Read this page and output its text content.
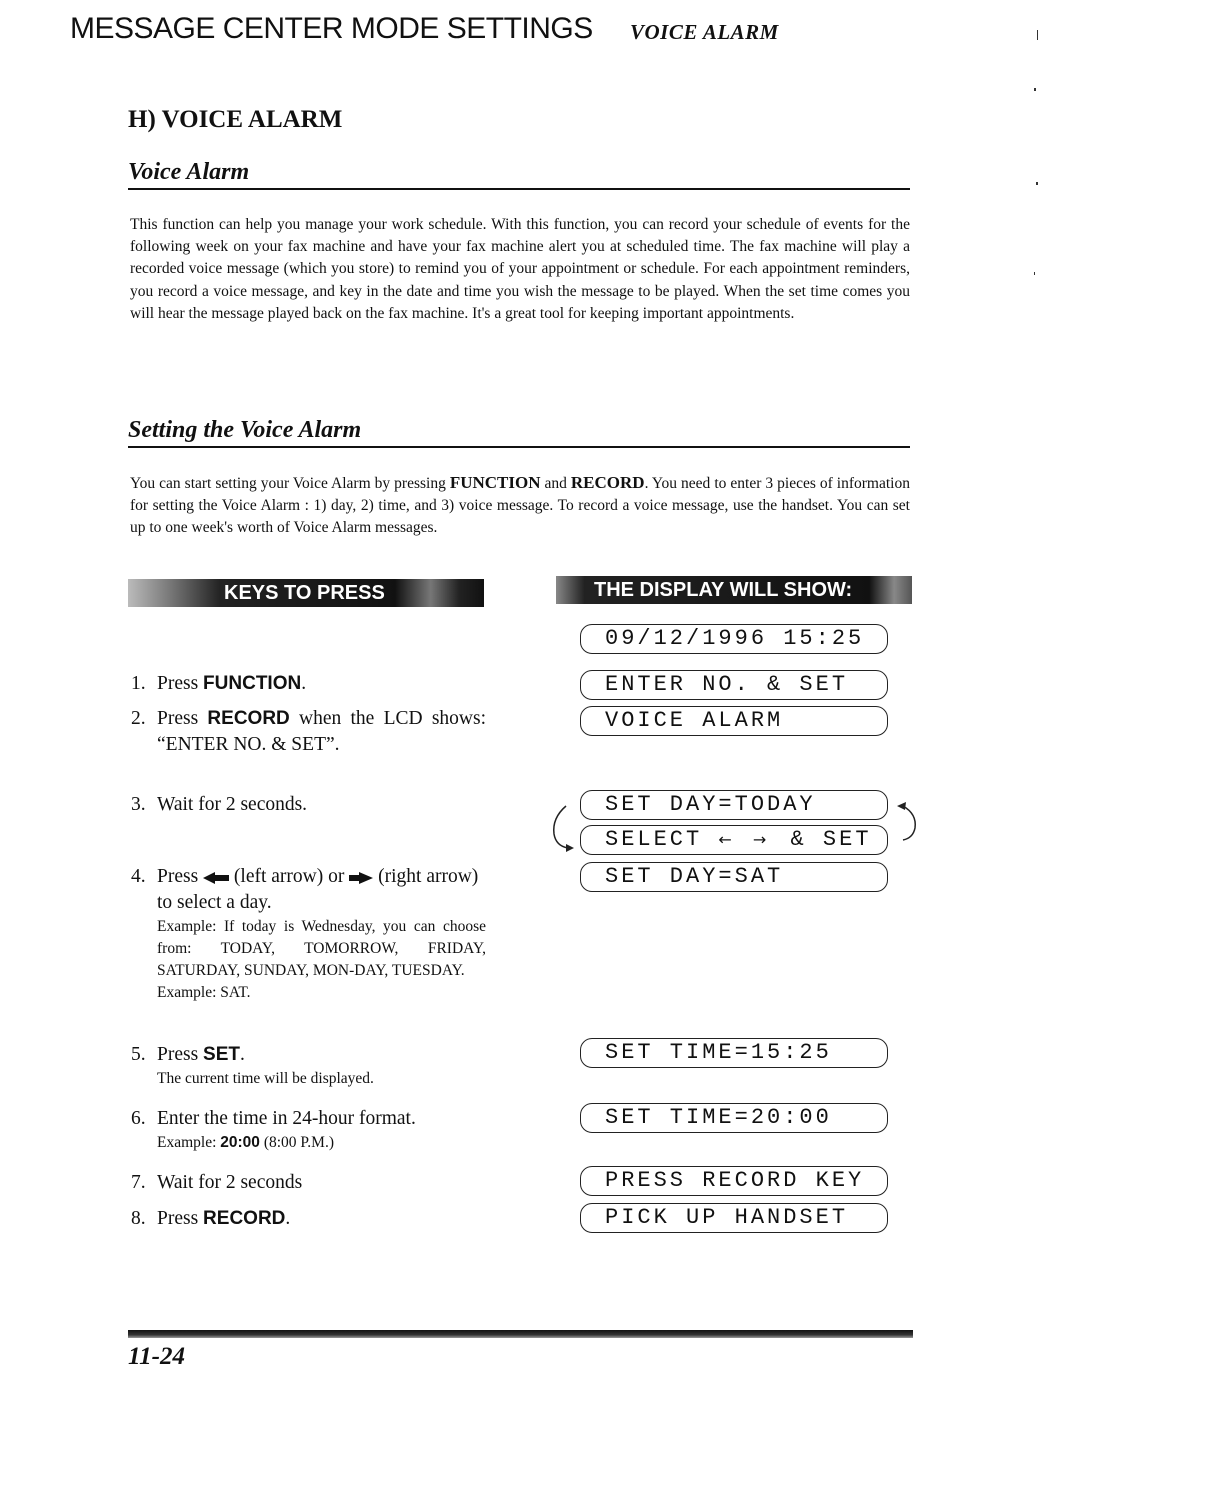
MESSAGE CENTER MODE SETTINGS VOICE ALARM
H) VOICE ALARM
Voice Alarm
This function can help you manage your work schedule. With this function, you can record your schedule of events for the following week on your fax machine and have your fax machine alert you at scheduled time. The fax machine will play a recorded voice message (which you store) to remind you of your appointment or schedule. For each appointment reminders, you record a voice message, and key in the date and time you wish the message to be played. When the set time comes you will hear the message played back on the fax machine. It's a great tool for keeping important appointments.
Setting the Voice Alarm
You can start setting your Voice Alarm by pressing FUNCTION and RECORD. You need to enter 3 pieces of information for setting the Voice Alarm : 1) day, 2) time, and 3) voice message. To record a voice message, use the handset. You can set up to one week's worth of Voice Alarm messages.
KEYS TO PRESS	THE DISPLAY WILL SHOW:
1. Press FUNCTION.
2. Press RECORD when the LCD shows:
“ENTER NO. & SET”.
3. Wait for 2 seconds.
4. Press  (left arrow) or  (right arrow) to select a day.
Example: If today is Wednesday, you can choose from: TODAY, TOMORROW, FRIDAY, SATURDAY, SUNDAY, MON-DAY, TUESDAY.
Example: SAT.
5. Press SET.
The current time will be displayed.
6. Enter the time in 24-hour format.
Example: 20:00 (8:00 P.M.)
7. Wait for 2 seconds
8. Press RECORD.
09/12/1996 15:25
ENTER NO. & SET
VOICE ALARM
SET DAY=TODAY
SELECT ← → & SET
SET DAY=SAT
SET TIME=15:25
SET TIME=20:00
PRESS RECORD KEY
PICK UP HANDSET
11-24
